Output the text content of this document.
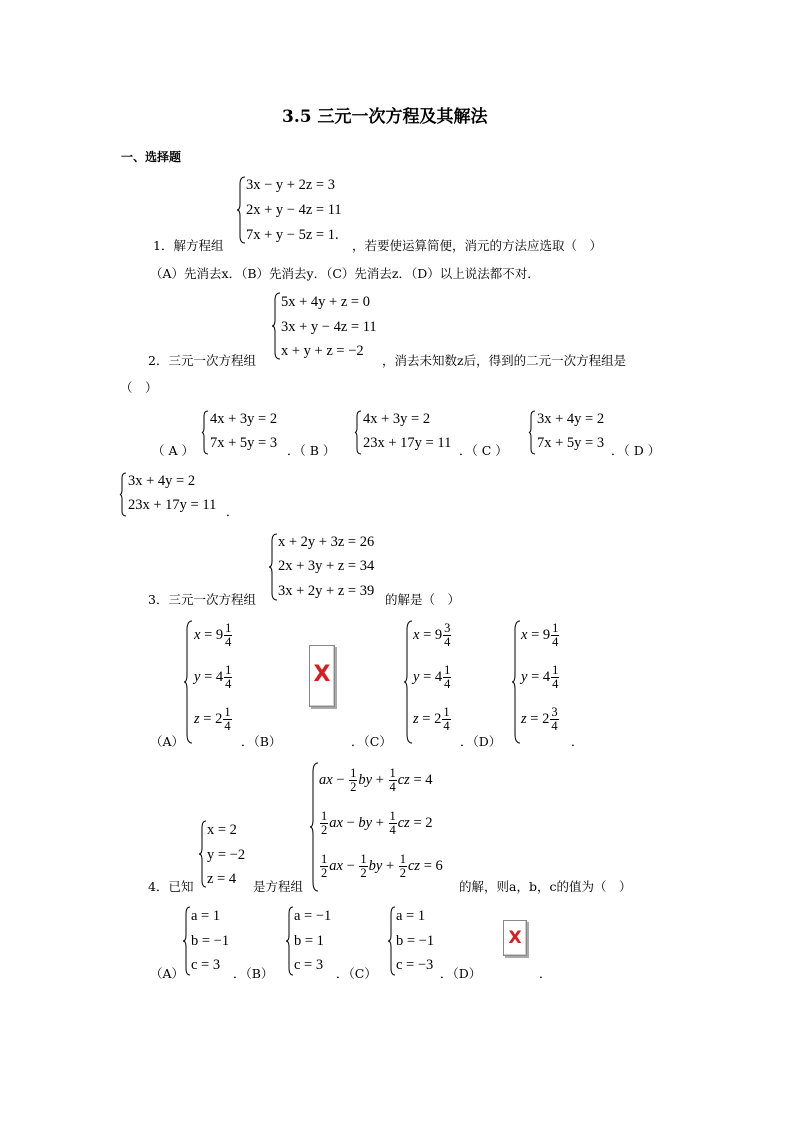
3.5 三元一次方程及其解法
一、选择题
3x − y + 2z = 3
2x + y − 4z = 11
7x + y − 5z = 1.
1．解方程组	，若要使运算简便，消元的方法应选取（　）
（A）先消去x．（B）先消去y．（C）先消去z．（D）以上说法都不对．
5x + 4y + z = 0
3x + y − 4z = 11
x + y + z = −2
2．三元一次方程组	，消去未知数z后，得到的二元一次方程组是
（　）
（ A ）
4x + 3y = 2
7x + 5y = 3 ．（ B ）
4x + 3y = 2
23x + 17y = 11 ．（ C ）
3x + 4y = 2
7x + 5y = 3 ．（ D ）
3x + 4y = 2
23x + 17y = 11 ．
x + 2y + 3z = 26
2x + 3y + z = 34
3x + 2y + z = 39
3．三元一次方程组	的解是（　）
（A）
$x = 9 \frac{1}{4}$
$y = 4 \frac{1}{4}$
$z = 2 \frac{1}{4}$
．（B）
X
．（C）
$x = 9 \frac{3}{4}$
$y = 4 \frac{1}{4}$
$z = 2 \frac{1}{4}$
．（D）
$x = 9 \frac{1}{4}$
$y = 4 \frac{1}{4}$
$z = 2 \frac{3}{4}$
．
x = 2
y = −2
z = 4
4．已知	是方程组
ax − $\frac{1}{2}$ by + $\frac{1}{4}$ cz = 4
$\frac{1}{2}$ ax − by + $\frac{1}{4}$ cz = 2
$\frac{1}{2}$ ax − $\frac{1}{2}$ by + $\frac{1}{2}$ cz = 6
的解，则a，b，c的值为（　）
（A）
a = 1
b = −1
c = 3
．（B）
a = −1
b = 1
c = 3
．（C）
a = 1
b = −1
c = −3
．（D）
X
．
